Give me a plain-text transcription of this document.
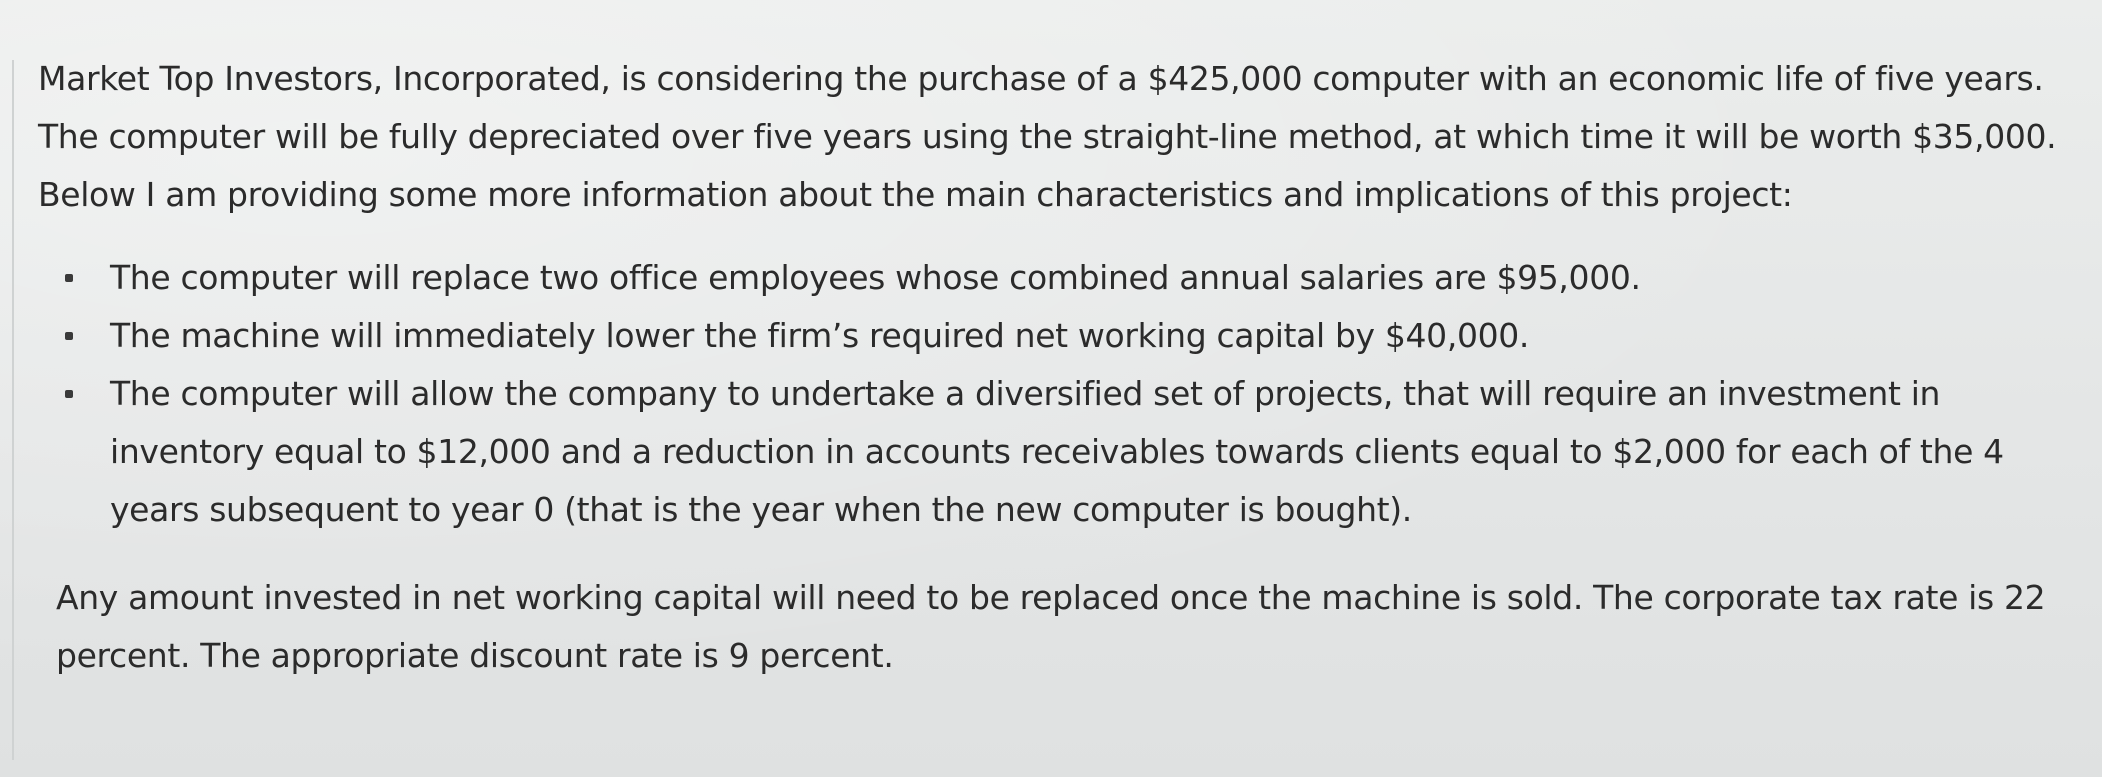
Market Top Investors, Incorporated, is considering the purchase of a $425,000 computer with an economic life of five years. The computer will be fully depreciated over five years using the straight-line method, at which time it will be worth $35,000. Below I am providing some more information about the main characteristics and implications of this project:

The computer will replace two office employees whose combined annual salaries are $95,000.
The machine will immediately lower the firm’s required net working capital by $40,000.
The computer will allow the company to undertake a diversified set of projects, that will require an investment in inventory equal to $12,000 and a reduction in accounts receivables towards clients equal to $2,000 for each of the 4 years subsequent to year 0 (that is the year when the new computer is bought).

Any amount invested in net working capital will need to be replaced once the machine is sold. The corporate tax rate is 22 percent. The appropriate discount rate is 9 percent.
